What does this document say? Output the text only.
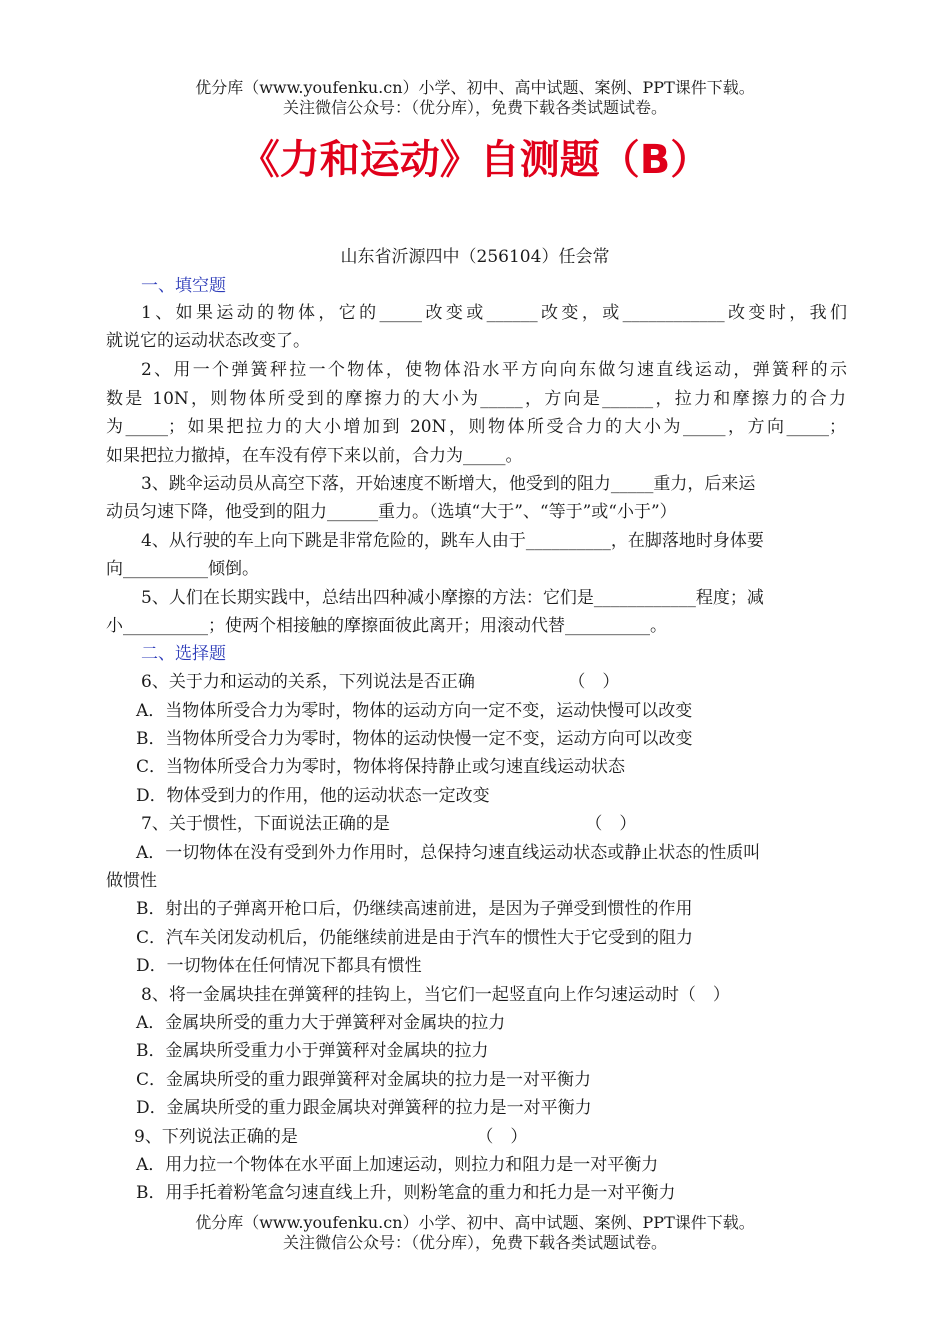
优分库（www.youfenku.cn）小学、初中、高中试题、案例、PPT课件下载。
关注微信公众号：（优分库），免费下载各类试题试卷。
《力和运动》自测题（B）
山东省沂源四中（256104）任会常
一、填空题
1、如果运动的物体，它的_____改变或______改变，或____________改变时，我们
就说它的运动状态改变了。
2、用一个弹簧秤拉一个物体，使物体沿水平方向向东做匀速直线运动，弹簧秤的示
数是 10N，则物体所受到的摩擦力的大小为_____，方向是______，拉力和摩擦力的合力
为_____；如果把拉力的大小增加到 20N，则物体所受合力的大小为_____，方向_____；
如果把拉力撤掉，在车没有停下来以前，合力为_____。
3、跳伞运动员从高空下落，开始速度不断增大，他受到的阻力_____重力，后来运
动员匀速下降，他受到的阻力______重力。（选填“大于”、“等于”或“小于”）
4、从行驶的车上向下跳是非常危险的，跳车人由于__________，在脚落地时身体要
向__________倾倒。
5、人们在长期实践中，总结出四种减小摩擦的方法：它们是____________程度；减
小__________；使两个相接触的摩擦面彼此离开；用滚动代替__________。
二、选择题
6、关于力和运动的关系，下列说法是否正确　　　　　　（　）
A．当物体所受合力为零时，物体的运动方向一定不变，运动快慢可以改变
B．当物体所受合力为零时，物体的运动快慢一定不变，运动方向可以改变
C．当物体所受合力为零时，物体将保持静止或匀速直线运动状态
D．物体受到力的作用，他的运动状态一定改变
7、关于惯性，下面说法正确的是　　　　　　　　　　　　（　）
A．一切物体在没有受到外力作用时，总保持匀速直线运动状态或静止状态的性质叫
做惯性
B．射出的子弹离开枪口后，仍继续高速前进，是因为子弹受到惯性的作用
C．汽车关闭发动机后，仍能继续前进是由于汽车的惯性大于它受到的阻力
D．一切物体在任何情况下都具有惯性
8、将一金属块挂在弹簧秤的挂钩上，当它们一起竖直向上作匀速运动时（　）
A．金属块所受的重力大于弹簧秤对金属块的拉力
B．金属块所受重力小于弹簧秤对金属块的拉力
C．金属块所受的重力跟弹簧秤对金属块的拉力是一对平衡力
D．金属块所受的重力跟金属块对弹簧秤的拉力是一对平衡力
9、下列说法正确的是　　　　　　　　　　　（　）
A．用力拉一个物体在水平面上加速运动，则拉力和阻力是一对平衡力
B．用手托着粉笔盒匀速直线上升，则粉笔盒的重力和托力是一对平衡力
优分库（www.youfenku.cn）小学、初中、高中试题、案例、PPT课件下载。
关注微信公众号：（优分库），免费下载各类试题试卷。
